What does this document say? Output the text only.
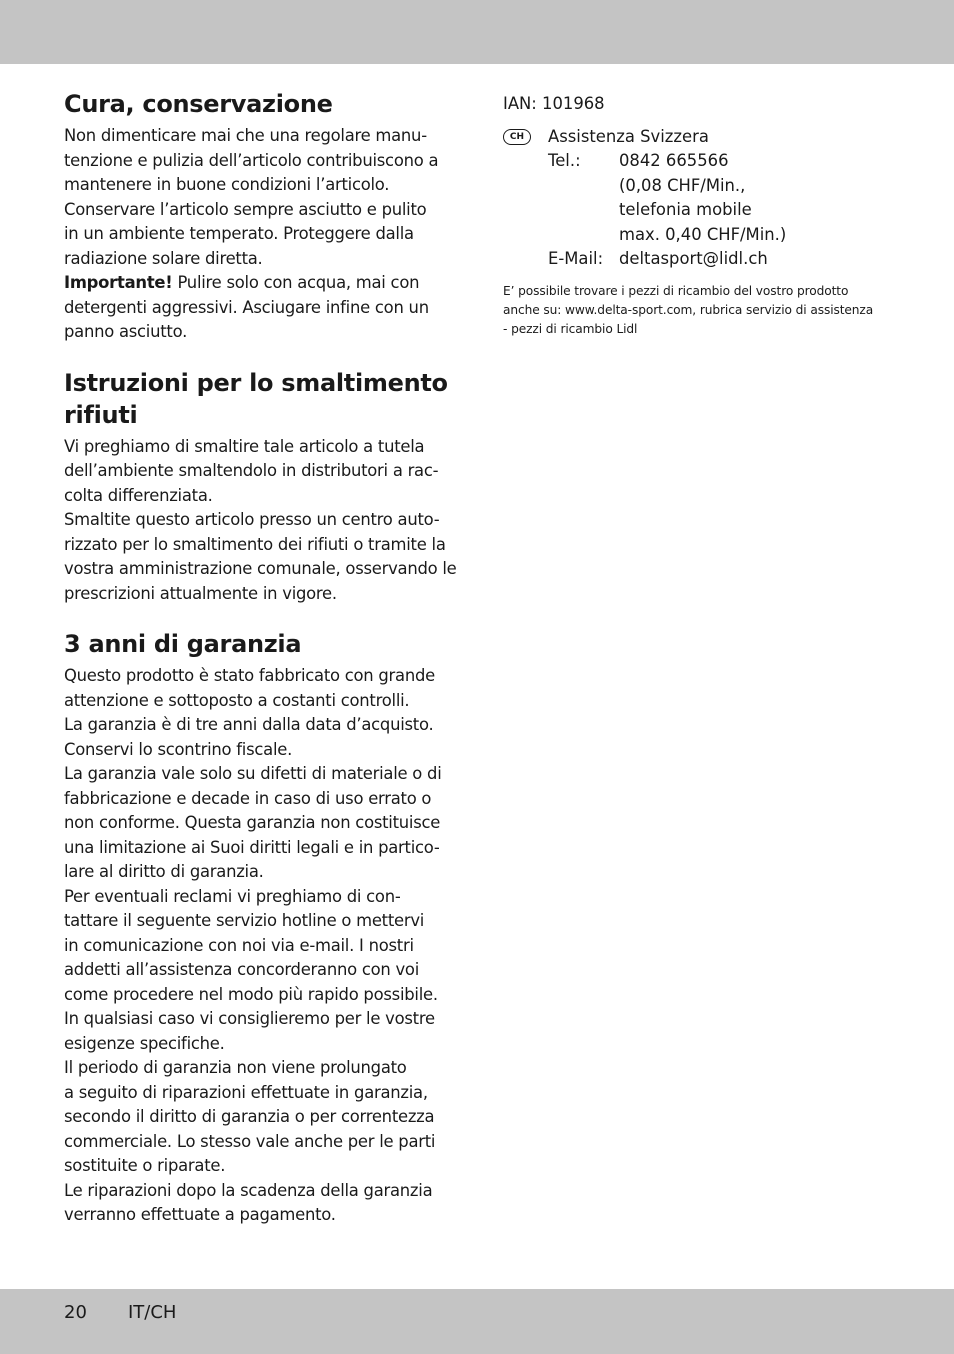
Cura, conservazione

Non dimenticare mai che una regolare manu-

tenzione e pulizia dell’articolo contribuiscono a

mantenere in buone condizioni l’articolo.

Conservare l’articolo sempre asciutto e pulito

in un ambiente temperato. Proteggere dalla

radiazione solare diretta.

Importante! Pulire solo con acqua, mai con

detergenti aggressivi. Asciugare infine con un

panno asciutto.

Istruzioni per lo smaltimento
rifiuti

Vi preghiamo di smaltire tale articolo a tutela

dell’ambiente smaltendolo in distributori a rac-

colta differenziata.

Smaltite questo articolo presso un centro auto-

rizzato per lo smaltimento dei rifiuti o tramite la

vostra amministrazione comunale, osservando le

prescrizioni attualmente in vigore.

3 anni di garanzia

Questo prodotto è stato fabbricato con grande

attenzione e sottoposto a costanti controlli.

La garanzia è di tre anni dalla data d’acquisto.

Conservi lo scontrino fiscale.

La garanzia vale solo su difetti di materiale o di

fabbricazione e decade in caso di uso errato o

non conforme. Questa garanzia non costituisce

una limitazione ai Suoi diritti legali e in partico-

lare al diritto di garanzia.

Per eventuali reclami vi preghiamo di con-

tattare il seguente servizio hotline o mettervi

in comunicazione con noi via e-mail. I nostri

addetti all’assistenza concorderanno con voi

come procedere nel modo più rapido possibile.

In qualsiasi caso vi consiglieremo per le vostre

esigenze specifiche.

Il periodo di garanzia non viene prolungato

a seguito di riparazioni effettuate in garanzia,

secondo il diritto di garanzia o per correntezza

commerciale. Lo stesso vale anche per le parti

sostituite o riparate.

Le riparazioni dopo la scadenza della garanzia

verranno effettuate a pagamento.

IAN: 101968

CH	Assistenza Svizzera
Tel.:	0842 665566
(0,08 CHF/Min.,
telefonia mobile
max. 0,40 CHF/Min.)
E-Mail: deltasport@lidl.ch
E’ possibile trovare i pezzi di ricambio del vostro prodotto
anche su: www.delta-sport.com, rubrica servizio di assistenza
- pezzi di ricambio Lidl
20 IT/CH
